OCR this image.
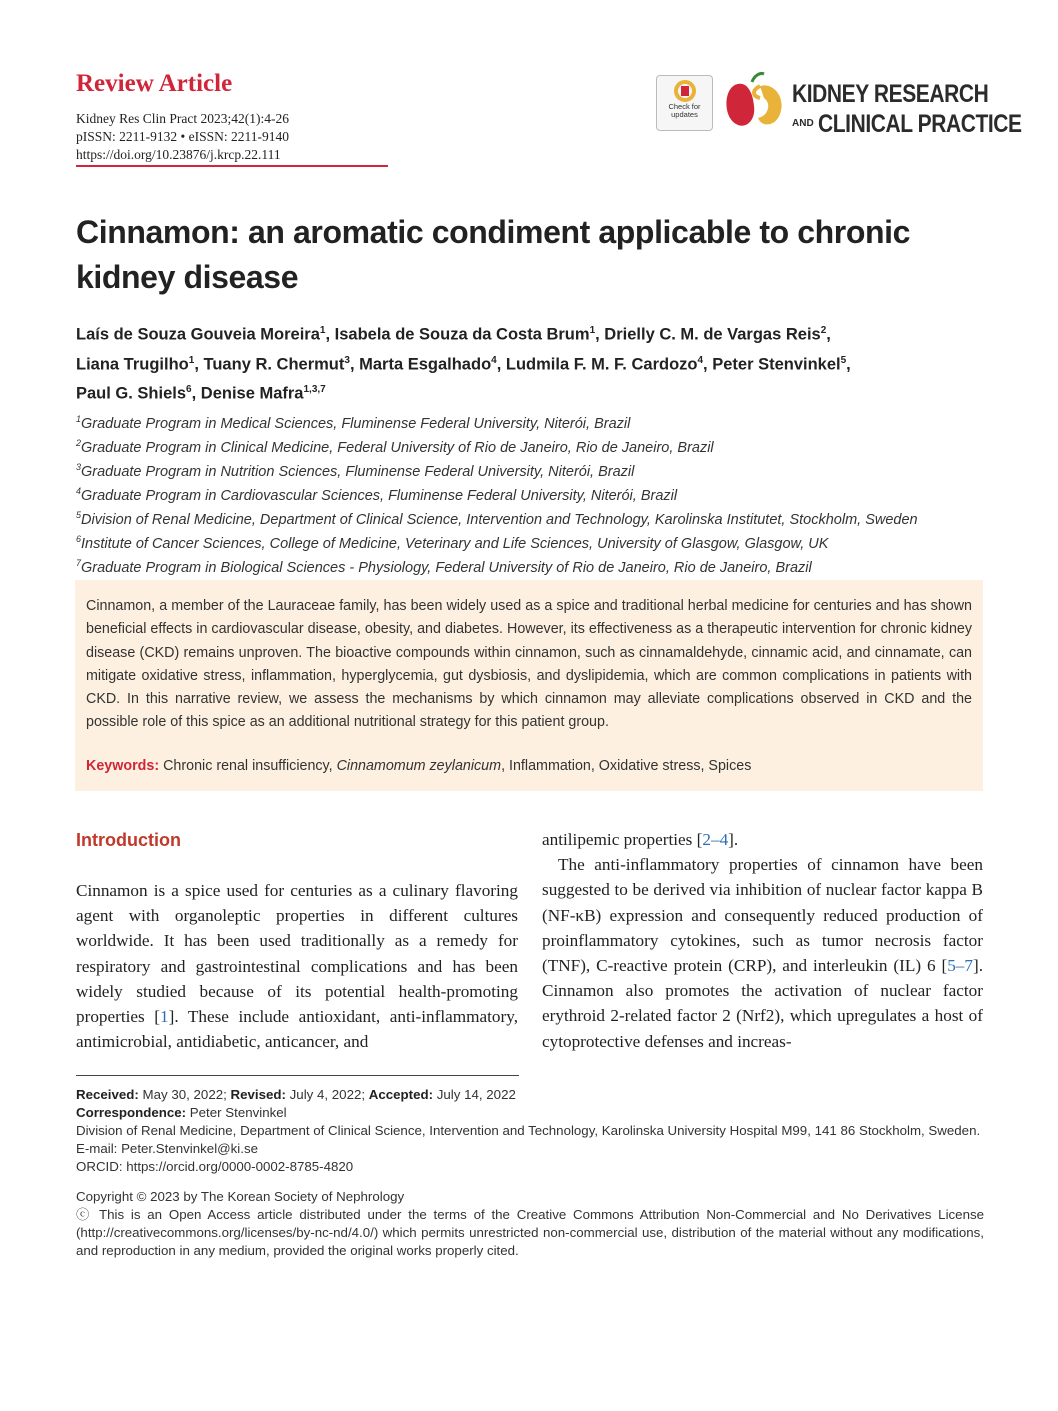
Review Article
Kidney Res Clin Pract 2023;42(1):4-26
pISSN: 2211-9132 • eISSN: 2211-9140
https://doi.org/10.23876/j.krcp.22.111
Check for updates
KIDNEY RESEARCH
AND CLINICAL PRACTICE
Cinnamon: an aromatic condiment applicable to chronic kidney disease
Laís de Souza Gouveia Moreira$^1$, Isabela de Souza da Costa Brum$^1$, Drielly C. M. de Vargas Reis$^2$,
Liana Trugilho$^1$, Tuany R. Chermut$^3$, Marta Esgalhado$^4$, Ludmila F. M. F. Cardozo$^4$, Peter Stenvinkel$^5$,
Paul G. Shiels$^6$, Denise Mafra$^{1,3,7}$
$^1$Graduate Program in Medical Sciences, Fluminense Federal University, Niterói, Brazil
$^2$Graduate Program in Clinical Medicine, Federal University of Rio de Janeiro, Rio de Janeiro, Brazil
$^3$Graduate Program in Nutrition Sciences, Fluminense Federal University, Niterói, Brazil
$^4$Graduate Program in Cardiovascular Sciences, Fluminense Federal University, Niterói, Brazil
$^5$Division of Renal Medicine, Department of Clinical Science, Intervention and Technology, Karolinska Institutet, Stockholm, Sweden
$^6$Institute of Cancer Sciences, College of Medicine, Veterinary and Life Sciences, University of Glasgow, Glasgow, UK
$^7$Graduate Program in Biological Sciences - Physiology, Federal University of Rio de Janeiro, Rio de Janeiro, Brazil
Cinnamon, a member of the Lauraceae family, has been widely used as a spice and traditional herbal medicine for centuries and has shown beneficial effects in cardiovascular disease, obesity, and diabetes. However, its effectiveness as a therapeutic intervention for chronic kidney disease (CKD) remains unproven. The bioactive compounds within cinnamon, such as cinnamaldehyde, cinnamic acid, and cinnamate, can mitigate oxidative stress, inflammation, hyperglycemia, gut dysbiosis, and dyslipidemia, which are common complications in patients with CKD. In this narrative review, we assess the mechanisms by which cinnamon may alleviate complications observed in CKD and the possible role of this spice as an additional nutritional strategy for this patient group.
Keywords: Chronic renal insufficiency, Cinnamomum zeylanicum, Inflammation, Oxidative stress, Spices
Introduction
Cinnamon is a spice used for centuries as a culinary flavoring agent with organoleptic properties in different cultures worldwide. It has been used traditionally as a remedy for respiratory and gastrointestinal complications and has been widely studied because of its potential health-promoting properties [1]. These include antioxidant, anti-inflammatory, antimicrobial, antidiabetic, anticancer, and
antilipemic properties [2–4].
The anti-inflammatory properties of cinnamon have been suggested to be derived via inhibition of nuclear factor kappa B (NF-κB) expression and consequently reduced production of proinflammatory cytokines, such as tumor necrosis factor (TNF), C-reactive protein (CRP), and interleukin (IL) 6 [5–7]. Cinnamon also promotes the activation of nuclear factor erythroid 2-related factor 2 (Nrf2), which upregulates a host of cytoprotective defenses and increas-
Received: May 30, 2022; Revised: July 4, 2022; Accepted: July 14, 2022
Correspondence: Peter Stenvinkel
Division of Renal Medicine, Department of Clinical Science, Intervention and Technology, Karolinska University Hospital M99, 141 86 Stockholm, Sweden. E-mail: Peter.Stenvinkel@ki.se
ORCID: https://orcid.org/0000-0002-8785-4820
Copyright © 2023 by The Korean Society of Nephrology
ⓒ This is an Open Access article distributed under the terms of the Creative Commons Attribution Non-Commercial and No Derivatives License (http://creativecommons.org/licenses/by-nc-nd/4.0/) which permits unrestricted non-commercial use, distribution of the material without any modifications, and reproduction in any medium, provided the original works properly cited.
